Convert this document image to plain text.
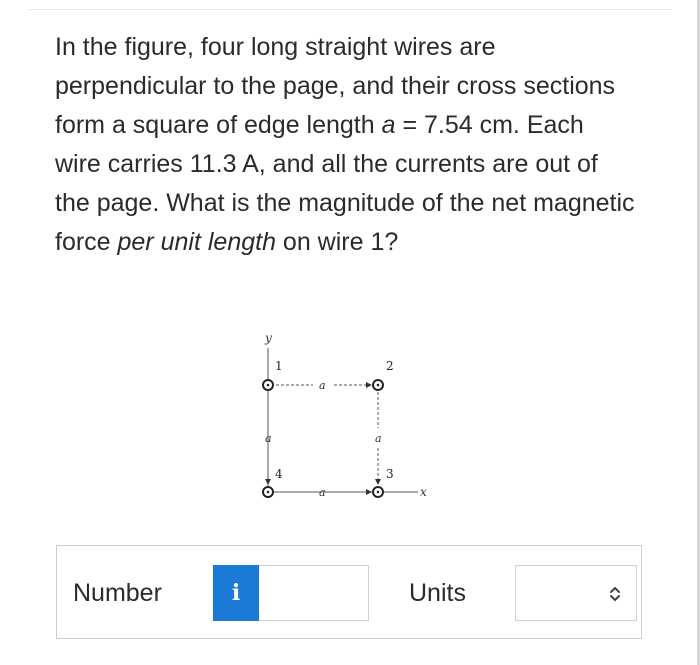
In the figure, four long straight wires are perpendicular to the page, and their cross sections form a square of edge length a = 7.54 cm. Each wire carries 11.3 A, and all the currents are out of the page. What is the magnitude of the net magnetic force per unit length on wire 1?
y
x
a
a
a	a
1	2
3
4
Number	i	Units
